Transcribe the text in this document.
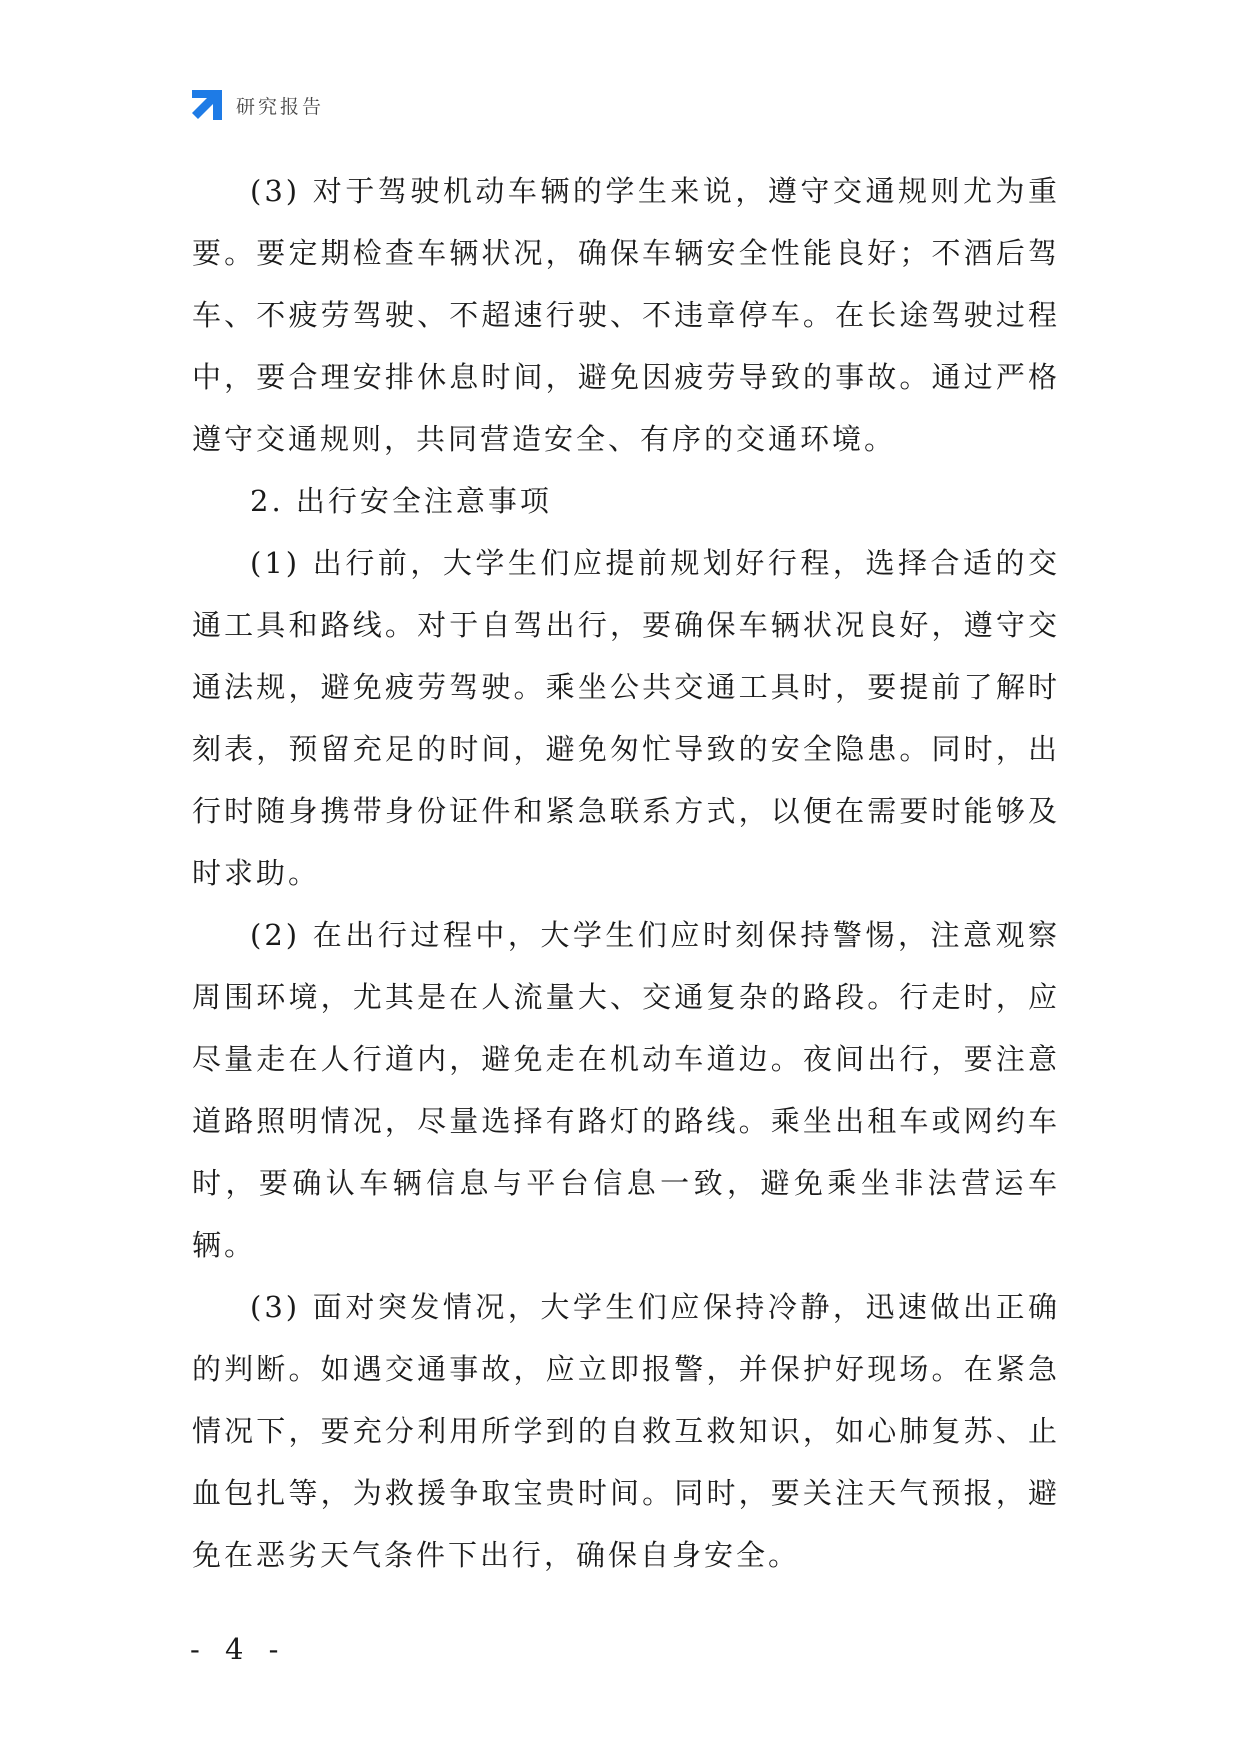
研究报告

(3) 对于驾驶机动车辆的学生来说，遵守交通规则尤为重要。要定期检查车辆状况，确保车辆安全性能良好；不酒后驾车、不疲劳驾驶、不超速行驶、不违章停车。在长途驾驶过程中，要合理安排休息时间，避免因疲劳导致的事故。通过严格遵守交通规则，共同营造安全、有序的交通环境。

2. 出行安全注意事项

(1) 出行前，大学生们应提前规划好行程，选择合适的交通工具和路线。对于自驾出行，要确保车辆状况良好，遵守交通法规，避免疲劳驾驶。乘坐公共交通工具时，要提前了解时刻表，预留充足的时间，避免匆忙导致的安全隐患。同时，出行时随身携带身份证件和紧急联系方式，以便在需要时能够及时求助。

(2) 在出行过程中，大学生们应时刻保持警惕，注意观察周围环境，尤其是在人流量大、交通复杂的路段。行走时，应尽量走在人行道内，避免走在机动车道边。夜间出行，要注意道路照明情况，尽量选择有路灯的路线。乘坐出租车或网约车时，要确认车辆信息与平台信息一致，避免乘坐非法营运车辆。

(3) 面对突发情况，大学生们应保持冷静，迅速做出正确的判断。如遇交通事故，应立即报警，并保护好现场。在紧急情况下，要充分利用所学到的自救互救知识，如心肺复苏、止血包扎等，为救援争取宝贵时间。同时，要关注天气预报，避免在恶劣天气条件下出行，确保自身安全。

- 4 -
